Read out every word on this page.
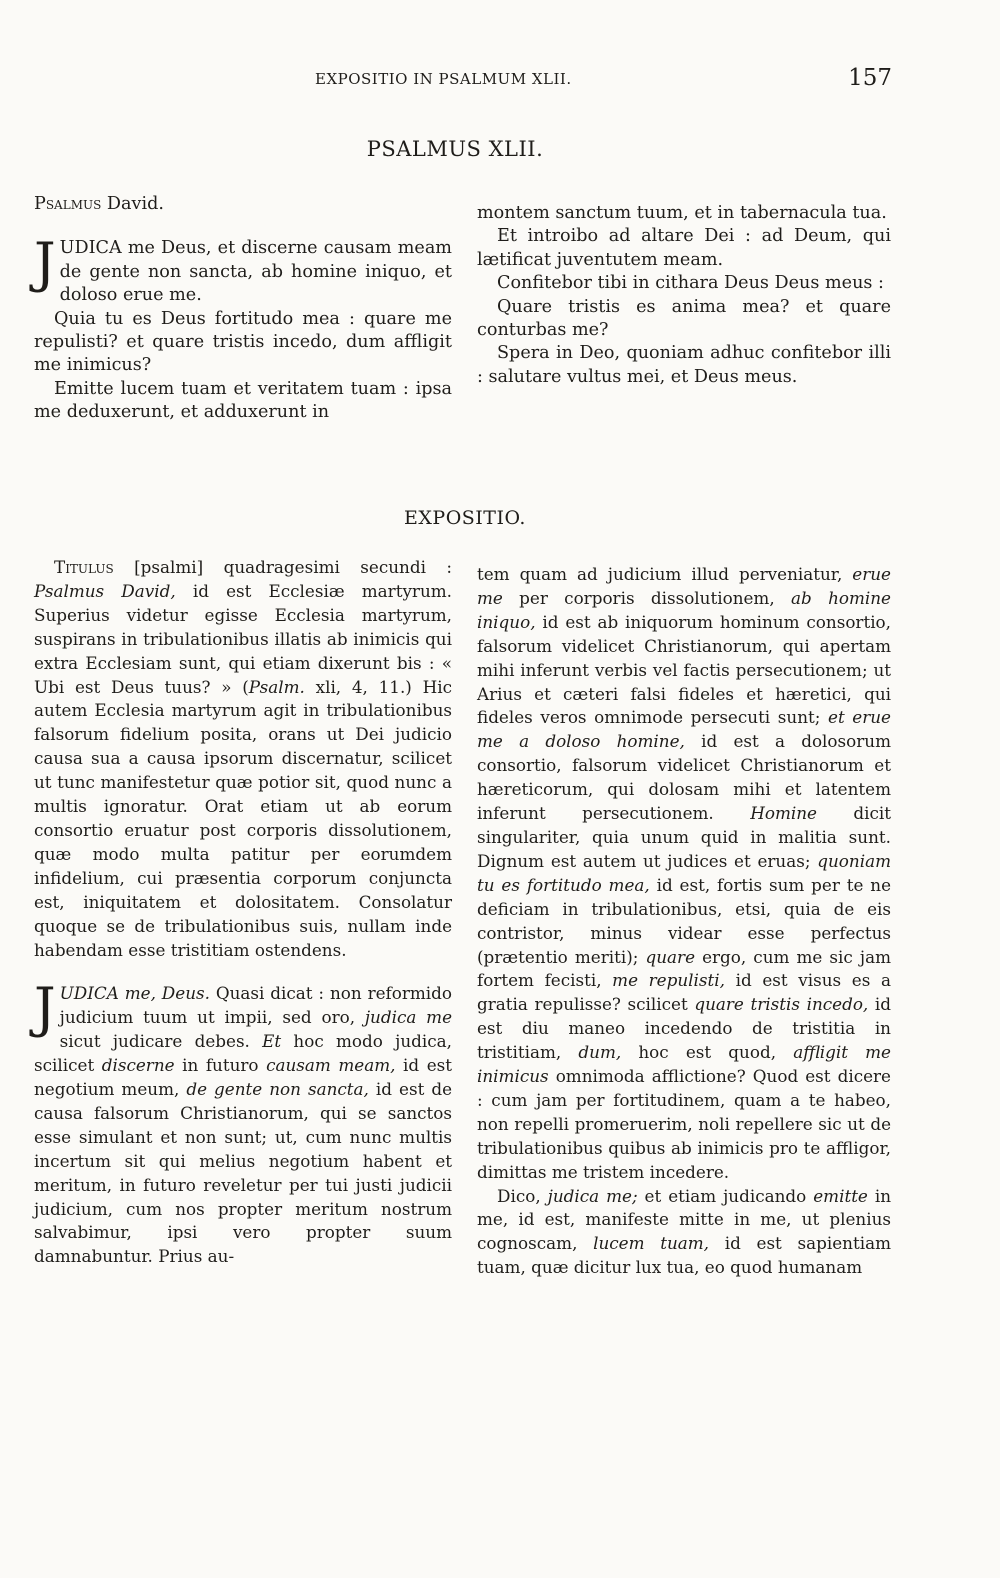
EXPOSITIO IN PSALMUM XLII.	157
PSALMUS XLII.

Psalmus David.

JUDICA me Deus, et discerne causam meam de gente non sancta, ab homine iniquo, et doloso erue me.

Quia tu es Deus fortitudo mea : quare me repulisti? et quare tristis incedo, dum affligit me inimicus?

Emitte lucem tuam et veritatem tuam : ipsa me deduxerunt, et adduxerunt in

montem sanctum tuum, et in tabernacula tua.

Et introibo ad altare Dei : ad Deum, qui lætificat juventutem meam.

Confitebor tibi in cithara Deus Deus meus :

Quare tristis es anima mea? et quare conturbas me?

Spera in Deo, quoniam adhuc confitebor illi : salutare vultus mei, et Deus meus.

EXPOSITIO.

Titulus [psalmi] quadragesimi secundi : Psalmus David, id est Ecclesiæ martyrum. Superius videtur egisse Ecclesia martyrum, suspirans in tribulationibus illatis ab inimicis qui extra Ecclesiam sunt, qui etiam dixerunt bis : « Ubi est Deus tuus? » (Psalm. xli, 4, 11.) Hic autem Ecclesia martyrum agit in tribulationibus falsorum fidelium posita, orans ut Dei judicio causa sua a causa ipsorum discernatur, scilicet ut tunc manifestetur quæ potior sit, quod nunc a multis ignoratur. Orat etiam ut ab eorum consortio eruatur post corporis dissolutionem, quæ modo multa patitur per eorumdem infidelium, cui præsentia corporum conjuncta est, iniquitatem et dolositatem. Consolatur quoque se de tribulationibus suis, nullam inde habendam esse tristitiam ostendens.

JUDICA me, Deus. Quasi dicat : non reformido judicium tuum ut impii, sed oro, judica me sicut judicare debes. Et hoc modo judica, scilicet discerne in futuro causam meam, id est negotium meum, de gente non sancta, id est de causa falsorum Christianorum, qui se sanctos esse simulant et non sunt; ut, cum nunc multis incertum sit qui melius negotium habent et meritum, in futuro reveletur per tui justi judicii judicium, cum nos propter meritum nostrum salvabimur, ipsi vero propter suum damnabuntur. Prius au-

tem quam ad judicium illud perveniatur, erue me per corporis dissolutionem, ab homine iniquo, id est ab iniquorum hominum consortio, falsorum videlicet Christianorum, qui apertam mihi inferunt verbis vel factis persecutionem; ut Arius et cæteri falsi fideles et hæretici, qui fideles veros omnimode persecuti sunt; et erue me a doloso homine, id est a dolosorum consortio, falsorum videlicet Christianorum et hæreticorum, qui dolosam mihi et latentem inferunt persecutionem. Homine dicit singulariter, quia unum quid in malitia sunt. Dignum est autem ut judices et eruas; quoniam tu es fortitudo mea, id est, fortis sum per te ne deficiam in tribulationibus, etsi, quia de eis contristor, minus videar esse perfectus (prætentio meriti); quare ergo, cum me sic jam fortem fecisti, me repulisti, id est visus es a gratia repulisse? scilicet quare tristis incedo, id est diu maneo incedendo de tristitia in tristitiam, dum, hoc est quod, affligit me inimicus omnimoda afflictione? Quod est dicere : cum jam per fortitudinem, quam a te habeo, non repelli promeruerim, noli repellere sic ut de tribulationibus quibus ab inimicis pro te affligor, dimittas me tristem incedere.

Dico, judica me; et etiam judicando emitte in me, id est, manifeste mitte in me, ut plenius cognoscam, lucem tuam, id est sapientiam tuam, quæ dicitur lux tua, eo quod humanam
